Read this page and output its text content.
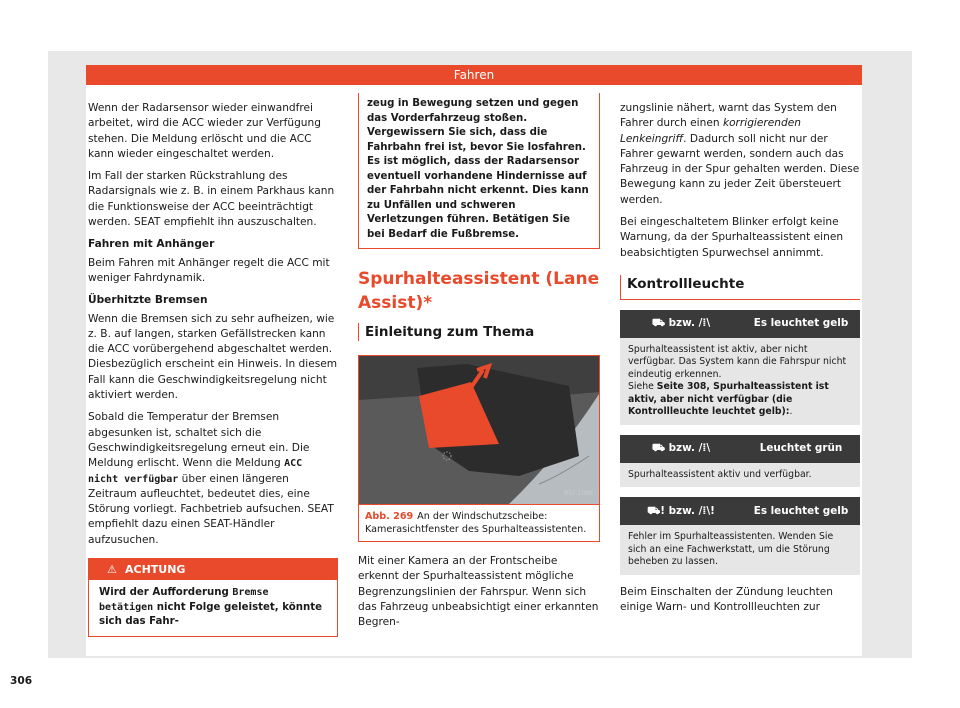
Fahren

Wenn der Radarsensor wieder einwandfrei arbeitet, wird die ACC wieder zur Verfügung stehen. Die Meldung erlöscht und die ACC kann wieder eingeschaltet werden.

Im Fall der starken Rückstrahlung des Radarsignals wie z. B. in einem Parkhaus kann die Funktionsweise der ACC beeinträchtigt werden. SEAT empfiehlt ihn auszuschalten.

Fahren mit Anhänger

Beim Fahren mit Anhänger regelt die ACC mit weniger Fahrdynamik.

Überhitzte Bremsen

Wenn die Bremsen sich zu sehr aufheizen, wie z. B. auf langen, starken Gefällstrecken kann die ACC vorübergehend abgeschaltet werden. Diesbezüglich erscheint ein Hinweis. In diesem Fall kann die Geschwindigkeitsregelung nicht aktiviert werden.

Sobald die Temperatur der Bremsen abgesunken ist, schaltet sich die Geschwindigkeitsregelung erneut ein. Die Meldung erlischt. Wenn die Meldung ACC nicht verfügbar über einen längeren Zeitraum aufleuchtet, bedeutet dies, eine Störung vorliegt. Fachbetrieb aufsuchen. SEAT empfiehlt dazu einen SEAT-Händler aufzusuchen.

⚠ ACHTUNG
Wird der Aufforderung Bremse betätigen nicht Folge geleistet, könnte sich das Fahr-
zeug in Bewegung setzen und gegen das Vorderfahrzeug stoßen. Vergewissern Sie sich, dass die Fahrbahn frei ist, bevor Sie losfahren. Es ist möglich, dass der Radarsensor eventuell vorhandene Hindernisse auf der Fahrbahn nicht erkennt. Dies kann zu Unfällen und schweren Verletzungen führen. Betätigen Sie bei Bedarf die Fußbremse.
Spurhalteassistent (Lane Assist)*
Einleitung zum Thema
B5F-1086
Abb. 269 An der Windschutzscheibe: Kamerasichtfenster des Spurhalteassistenten.

Mit einer Kamera an der Frontscheibe erkennt der Spurhalteassistent mögliche Begrenzungslinien der Fahrspur. Wenn sich das Fahrzeug unbeabsichtigt einer erkannten Begren-

zungslinie nähert, warnt das System den Fahrer durch einen korrigierenden Lenkeingriff. Dadurch soll nicht nur der Fahrer gewarnt werden, sondern auch das Fahrzeug in der Spur gehalten werden. Diese Bewegung kann zu jeder Zeit übersteuert werden.

Bei eingeschaltetem Blinker erfolgt keine Warnung, da der Spurhalteassistent einen beabsichtigten Spurwechsel annimmt.

Kontrollleuchte
⛟ bzw. /⁞\	Es leuchtet gelb
Spurhalteassistent ist aktiv, aber nicht verfügbar. Das System kann die Fahrspur nicht eindeutig erkennen.
Siehe Seite 308, Spurhalteassistent ist aktiv, aber nicht verfügbar (die Kontrollleuchte leuchtet gelb):.
⛟ bzw. /⁞\	Leuchtet grün
Spurhalteassistent aktiv und verfügbar.
⛟! bzw. /⁞\!	Es leuchtet gelb
Fehler im Spurhalteassistenten. Wenden Sie sich an eine Fachwerkstatt, um die Störung beheben zu lassen.

Beim Einschalten der Zündung leuchten einige Warn- und Kontrollleuchten zur

306
